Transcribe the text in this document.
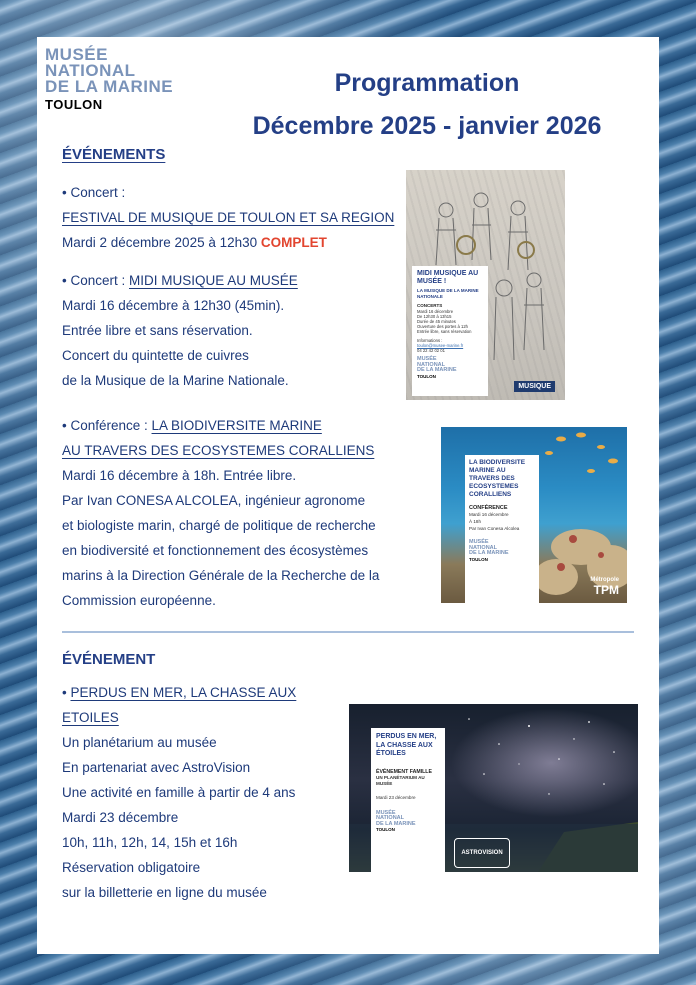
MUSÉE
NATIONAL
DE LA MARINE
TOULON
Programmation
Décembre 2025 - janvier 2026
ÉVÉNEMENTS
• Concert :
FESTIVAL DE MUSIQUE DE TOULON ET SA REGION
Mardi 2 décembre 2025 à 12h30 COMPLET
• Concert : MIDI MUSIQUE AU MUSÉE
Mardi 16 décembre à 12h30 (45min).
Entrée libre et sans réservation.
Concert du quintette de cuivres
de la Musique de la Marine Nationale.
• Conférence : LA BIODIVERSITE MARINE
AU TRAVERS DES ECOSYSTEMES CORALLIENS
Mardi 16 décembre à 18h. Entrée libre.
Par Ivan CONESA ALCOLEA, ingénieur agronome
et biologiste marin, chargé de politique de recherche
en biodiversité et fonctionnement des écosystèmes
marins à la Direction Générale de la Recherche de la
Commission européenne.
ÉVÉNEMENT
• PERDUS EN MER, LA CHASSE AUX ETOILES
Un planétarium au musée
En partenariat avec AstroVision
Une activité en famille à partir de 4 ans
Mardi 23 décembre
10h, 11h, 12h, 14, 15h et 16h
Réservation obligatoire
sur la billetterie en ligne du musée
MIDI MUSIQUE AU MUSÉE !
LA MUSIQUE DE LA MARINE NATIONALE
CONCERTS
Mardi 16 décembre
De 12h30 à 13h15
Durée de 45 minutes
Ouverture des portes à 12h
Entrée libre, sans réservation
Informations :
toulon@musee-marine.fr
04 22 42 02 01
MUSÉE
NATIONAL
DE LA MARINE
TOULON
MUSIQUE
LA BIODIVERSITE MARINE AU TRAVERS DES ECOSYSTEMES CORALLIENS
CONFÉRENCE
Mardi 16 décembre
À 18h
Par Ivan Conesa Alcolea
MUSÉE
NATIONAL
DE LA MARINE
TOULON
Métropole
TPM
PERDUS EN MER, LA CHASSE AUX ÉTOILES
ÉVÉNEMENT FAMILLE
UN PLANÉTARIUM AU MUSÉE
Mardi 23 décembre
MUSÉE
NATIONAL
DE LA MARINE
TOULON
ASTROVISION
